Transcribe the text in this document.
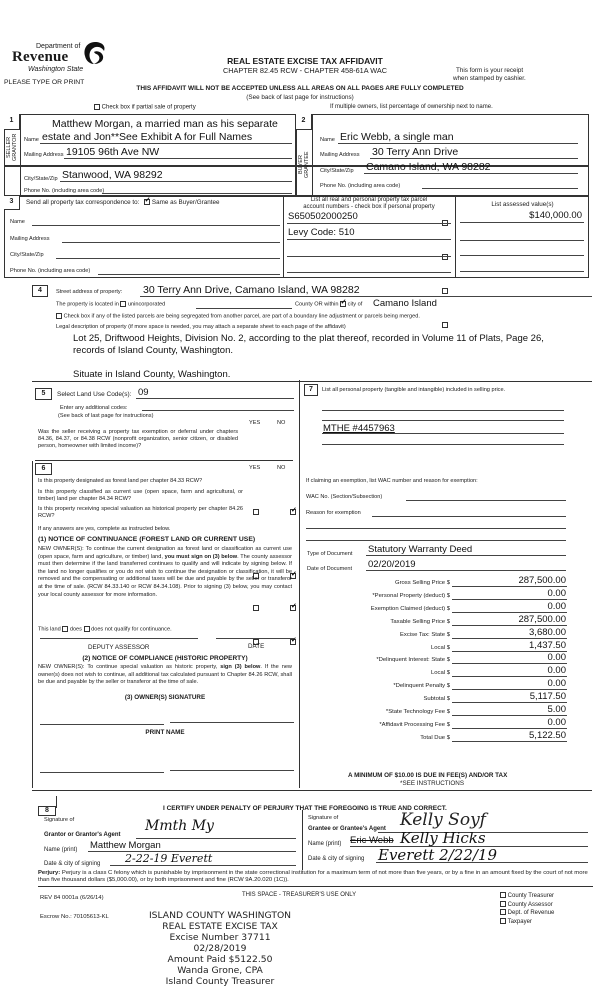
Department of
Revenue
Washington State
PLEASE TYPE OR PRINT
REAL ESTATE EXCISE TAX AFFIDAVIT
CHAPTER 82.45 RCW - CHAPTER 458-61A WAC	This form is your receipt
when stamped by cashier.
THIS AFFIDAVIT WILL NOT BE ACCEPTED UNLESS ALL AREAS ON ALL PAGES ARE FULLY COMPLETED
(See back of last page for instructions)
Check box if partial sale of property	If multiple owners, list percentage of ownership next to name.
1
SELLER
GRANTOR Name
Matthew Morgan, a married man as his separate
estate and Jon**See Exhibit A for Full Names
Mailing Address 19105 96th Ave NW
City/State/Zip Stanwood, WA 98292
Phone No. (including area code)
2
BUYER
GRANTEE
Name Eric Webb, a single man
Mailing Address 30 Terry Ann Drive
City/State/Zip Camano Island, WA 98282
Phone No. (including area code)
3	Send all property tax correspondence to: ✓ Same as Buyer/Grantee
Name
Mailing Address
City/State/Zip
Phone No. (including area code)
List all real and personal property tax parcel
account numbers - check box if personal property	List assessed value(s)
S6505020002​50	$140,000.00
Levy Code: 510
4	Street address of property: 30 Terry Ann Drive, Camano Island, WA 98282
The property is located in unincorporated	County OR within ✓ city of Camano Island
Check box if any of the listed parcels are being segregated from another parcel, are part of a boundary line adjustment or parcels being merged.
Legal description of property (if more space is needed, you may attach a separate sheet to each page of the affidavit)
Lot 25, Driftwood Heights, Division No. 2, according to the plat thereof, recorded in Volume 11 of Plats, Page 26,
records of Island County, Washington.
Situate in Island County, Washington.
5	Select Land Use Code(s): 09
Enter any additional codes:
(See back of last page for instructions)
YES	NO
Was the seller receiving a property tax exemption or deferral under chapters 84.36, 84.37, or 84.38 RCW (nonprofit organization, senior citizen, or disabled person, homeowner with limited income)?
✓
6	YES	NO
Is this property designated as forest land per chapter 84.33 RCW?
✓
Is this property classified as current use (open space, farm and agricultural, or timber) land per chapter 84.34 RCW?
✓
Is this property receiving special valuation as historical property per chapter 84.26 RCW?
✓
If any answers are yes, complete as instructed below.
(1) NOTICE OF CONTINUANCE (FOREST LAND OR CURRENT USE)
NEW OWNER(S): To continue the current designation as forest land or classification as current use (open space, farm and agriculture, or timber) land, you must sign on (3) below. The county assessor must then determine if the land transferred continues to qualify and will indicate by signing below. If the land no longer qualifies or you do not wish to continue the designation or classification, it will be removed and the compensating or additional taxes will be due and payable by the seller or transferor at the time of sale. (RCW 84.33.140 or RCW 84.34.108). Prior to signing (3) below, you may contact your local county assessor for more information.
This land does does not qualify for continuance.
DEPUTY ASSESSOR	DATE
(2) NOTICE OF COMPLIANCE (HISTORIC PROPERTY)
NEW OWNER(S): To continue special valuation as historic property, sign (3) below. If the new owner(s) does not wish to continue, all additional tax calculated pursuant to Chapter 84.26 RCW, shall be due and payable by the seller or transferor at the time of sale.
(3) OWNER(S) SIGNATURE
PRINT NAME
7	List all personal property (tangible and intangible) included in selling price.
MTHE #4457963
If claiming an exemption, list WAC number and reason for exemption:
WAC No. (Section/Subsection)
Reason for exemption
Type of Document Statutory Warranty Deed
Date of Document 02/20/2019
Gross Selling Price $	287,500.00
*Personal Property (deduct) $	0.00
Exemption Claimed (deduct) $	0.00
Taxable Selling Price $	287,500.00
Excise Tax: State $	3,680.00
Local $	1,437.50
*Delinquent Interest: State $	0.00
Local $	0.00
*Delinquent Penalty $	0.00
Subtotal $	5,117.50
*State Technology Fee $	5.00
*Affidavit Processing Fee $	0.00
Total Due $	5,122.50
A MINIMUM OF $10.00 IS DUE IN FEE(S) AND/OR TAX
*SEE INSTRUCTIONS
8	I CERTIFY UNDER PENALTY OF PERJURY THAT THE FOREGOING IS TRUE AND CORRECT.
Signature of
Grantor or Grantor's Agent
Mmth My
Name (print) Matthew Morgan
Date & city of signing 2-22-19 Everett
Signature of
Grantee or Grantee's Agent Kelly Soyf
Name (print) Eric Webb Kelly Hicks
Date & city of signing Everett 2/22/19
Perjury: Perjury is a class C felony which is punishable by imprisonment in the state correctional institution for a maximum term of not more than five years, or by a fine in an amount fixed by the court of not more than five thousand dollars ($5,000.00), or by both imprisonment and fine (RCW 9A.20.020 (1C)).
REV 84 0001a (6/26/14)	THIS SPACE - TREASURER'S USE ONLY
Escrow No.: 70105613-KL	ISLAND COUNTY WASHINGTON
REAL ESTATE EXCISE TAX
Excise Number 37711
02/28/2019
Amount Paid $5122.50
Wanda Grone, CPA
Island County Treasurer
County Treasurer
County Assessor
Dept. of Revenue
Taxpayer
